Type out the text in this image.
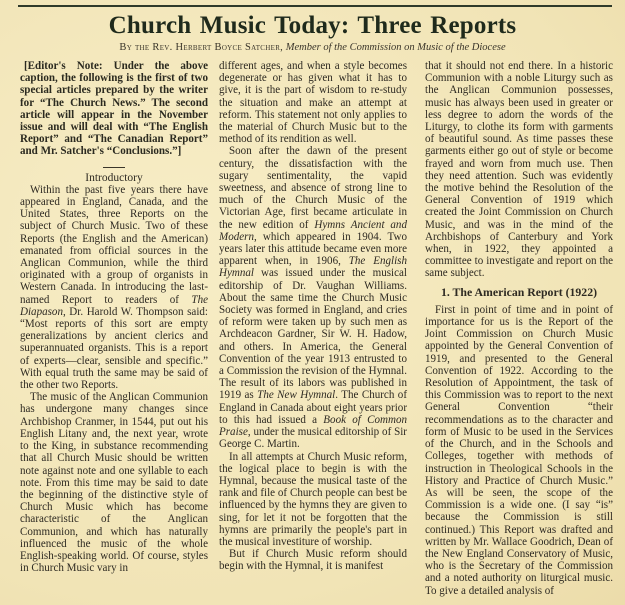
Church Music Today: Three Reports
By the Rev. Herbert Boyce Satcher, Member of the Commission on Music of the Diocese

[Editor's Note: Under the above caption, the following is the first of two special articles prepared by the writer for “The Church News.” The second article will appear in the November issue and will deal with “The English Report” and “The Canadian Report” and Mr. Satcher's “Conclusions.”]

Introductory

Within the past five years there have appeared in England, Canada, and the United States, three Reports on the subject of Church Music. Two of these Reports (the English and the American) emanated from official sources in the Anglican Communion, while the third originated with a group of organists in Western Canada. In introducing the last-named Report to readers of The Diapason, Dr. Harold W. Thompson said: “Most reports of this sort are empty generalizations by ancient clerics and superannuated organists. This is a report of experts—clear, sensible and specific.” With equal truth the same may be said of the other two Reports.

The music of the Anglican Communion has undergone many changes since Archbishop Cranmer, in 1544, put out his English Litany and, the next year, wrote to the King, in substance recommending that all Church Music should be written note against note and one syllable to each note. From this time may be said to date the beginning of the distinctive style of Church Music which has become characteristic of the Anglican Communion, and which has naturally influenced the music of the whole English-speaking world. Of course, styles in Church Music vary in

different ages, and when a style becomes degenerate or has given what it has to give, it is the part of wisdom to re-study the situation and make an attempt at reform. This statement not only applies to the material of Church Music but to the method of its rendition as well.

Soon after the dawn of the present century, the dissatisfaction with the sugary sentimentality, the vapid sweetness, and absence of strong line to much of the Church Music of the Victorian Age, first became articulate in the new edition of Hymns Ancient and Modern, which appeared in 1904. Two years later this attitude became even more apparent when, in 1906, The English Hymnal was issued under the musical editorship of Dr. Vaughan Williams. About the same time the Church Music Society was formed in England, and cries of reform were taken up by such men as Archdeacon Gardner, Sir W. H. Hadow, and others. In America, the General Convention of the year 1913 entrusted to a Commission the revision of the Hymnal. The result of its labors was published in 1919 as The New Hymnal. The Church of England in Canada about eight years prior to this had issued a Book of Common Praise, under the musical editorship of Sir George C. Martin.

In all attempts at Church Music reform, the logical place to begin is with the Hymnal, because the musical taste of the rank and file of Church people can best be influenced by the hymns they are given to sing, for let it not be forgotten that the hymns are primarily the people's part in the musical investiture of worship.

But if Church Music reform should begin with the Hymnal, it is manifest

that it should not end there. In a historic Communion with a noble Liturgy such as the Anglican Communion possesses, music has always been used in greater or less degree to adorn the words of the Liturgy, to clothe its form with garments of beautiful sound. As time passes these garments either go out of style or become frayed and worn from much use. Then they need attention. Such was evidently the motive behind the Resolution of the General Convention of 1919 which created the Joint Commission on Church Music, and was in the mind of the Archbishops of Canterbury and York when, in 1922, they appointed a committee to investigate and report on the same subject.

1. The American Report (1922)

First in point of time and in point of importance for us is the Report of the Joint Commission on Church Music appointed by the General Convention of 1919, and presented to the General Convention of 1922. According to the Resolution of Appointment, the task of this Commission was to report to the next General Convention “their recommendations as to the character and form of Music to be used in the Services of the Church, and in the Schools and Colleges, together with methods of instruction in Theological Schools in the History and Practice of Church Music.” As will be seen, the scope of the Commission is a wide one. (I say “is” because the Commission is still continued.) This Report was drafted and written by Mr. Wallace Goodrich, Dean of the New England Conservatory of Music, who is the Secretary of the Commission and a noted authority on liturgical music. To give a detailed analysis of
